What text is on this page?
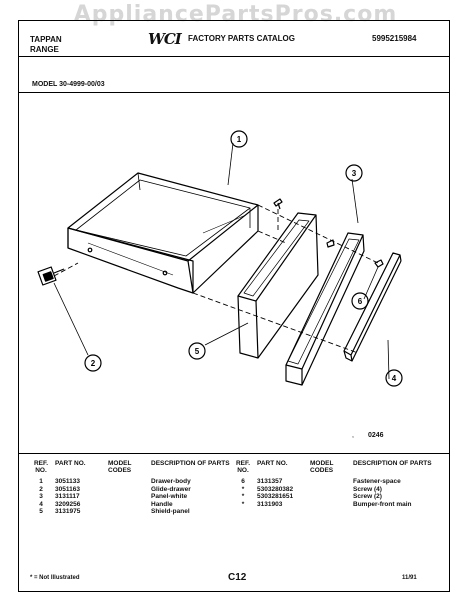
AppliancePartsPros.com
TAPPAN
RANGE
WCI FACTORY PARTS CATALOG	5995215984
MODEL 30-4999-00/03
1
2
3
4
5
6
, 0246
REF. NO.	PART NO.	MODEL CODES	DESCRIPTION OF PARTS
1	3051133		Drawer-body
2	3051163		Glide-drawer
3	3131117		Panel-white
4	3209256		Handle
5	3131975		Shield-panel
REF. NO.	PART NO.	MODEL CODES	DESCRIPTION OF PARTS
6	3131357		Fastener-space
*	5303280382		Screw (4)
*	5303281651		Screw (2)
*	3131903		Bumper-front main
* = Not Illustrated	C12	11/91
